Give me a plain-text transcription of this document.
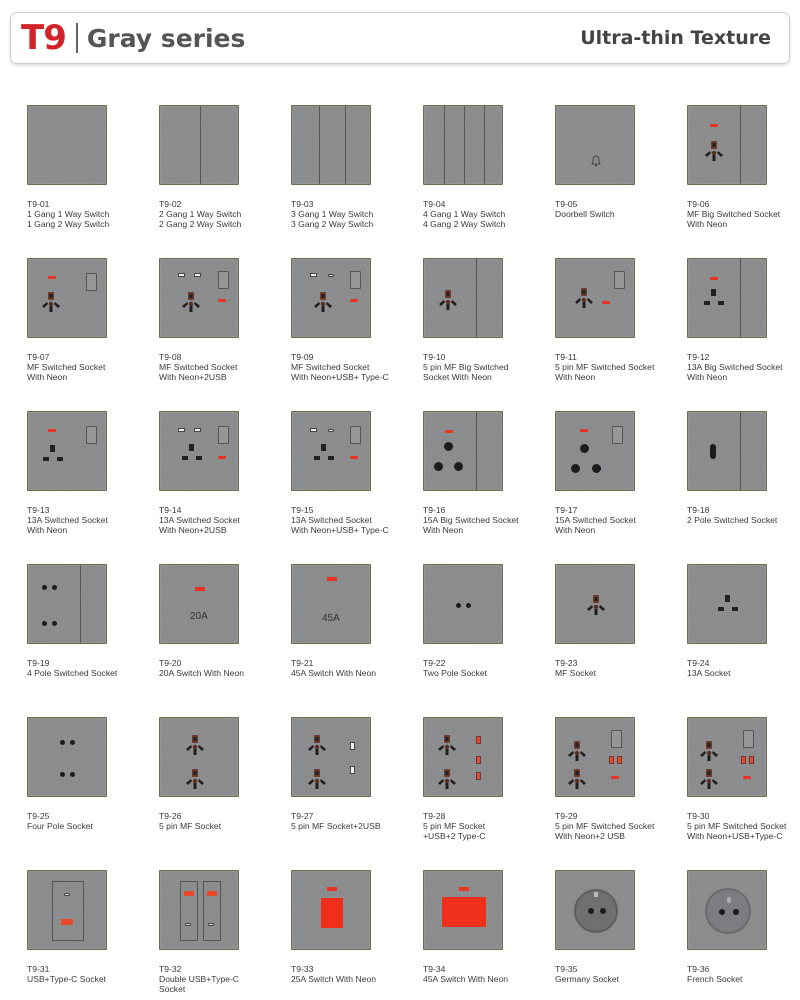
T9 Gray series	Ultra-thin Texture
T9-01
1 Gang 1 Way Switch
1 Gang 2 Way Switch
T9-02
2 Gang 1 Way Switch
2 Gang 2 Way Switch
T9-03
3 Gang 1 Way Switch
3 Gang 2 Way Switch
T9-04
4 Gang 1 Way Switch
4 Gang 2 Way Switch
T9-05
Doorbell Switch
T9-06
MF Big Switched Socket
With Neon
T9-07
MF Switched Socket
With Neon
T9-08
MF Switched Socket
With Neon+2USB
T9-09
MF Switched Socket
With Neon+USB+ Type-C
T9-10
5 pin MF Big Switched
Socket With Neon
T9-11
5 pin MF Switched Socket
With Neon
T9-12
13A Big Switched Socket
With Neon
T9-13
13A Switched Socket
With Neon
T9-14
13A Switched Socket
With Neon+2USB
T9-15
13A Switched Socket
With Neon+USB+ Type-C
T9-16
15A Big Switched Socket
With Neon
T9-17
15A Switched Socket
With Neon
T9-18
2 Pole Switched Socket
T9-19
4 Pole Switched Socket
20A
T9-20
20A Switch With Neon
45A
T9-21
45A Switch With Neon
T9-22
Two Pole Socket
T9-23
MF Socket
T9-24
13A Socket
T9-25
Four Pole Socket
T9-26
5 pin MF Socket
T9-27
5 pin MF Socket+2USB
T9-28
5 pin MF Socket
+USB+2 Type-C
T9-29
5 pin MF Switched Socket
With Neon+2 USB
T9-30
5 pin MF Switched Socket
With Neon+USB+Type-C
T9-31
USB+Type-C Socket
T9-32
Double USB+Type-C
Socket
T9-33
25A Switch With Neon
T9-34
45A Switch With Neon
T9-35
Germany Socket
T9-36
French Socket
